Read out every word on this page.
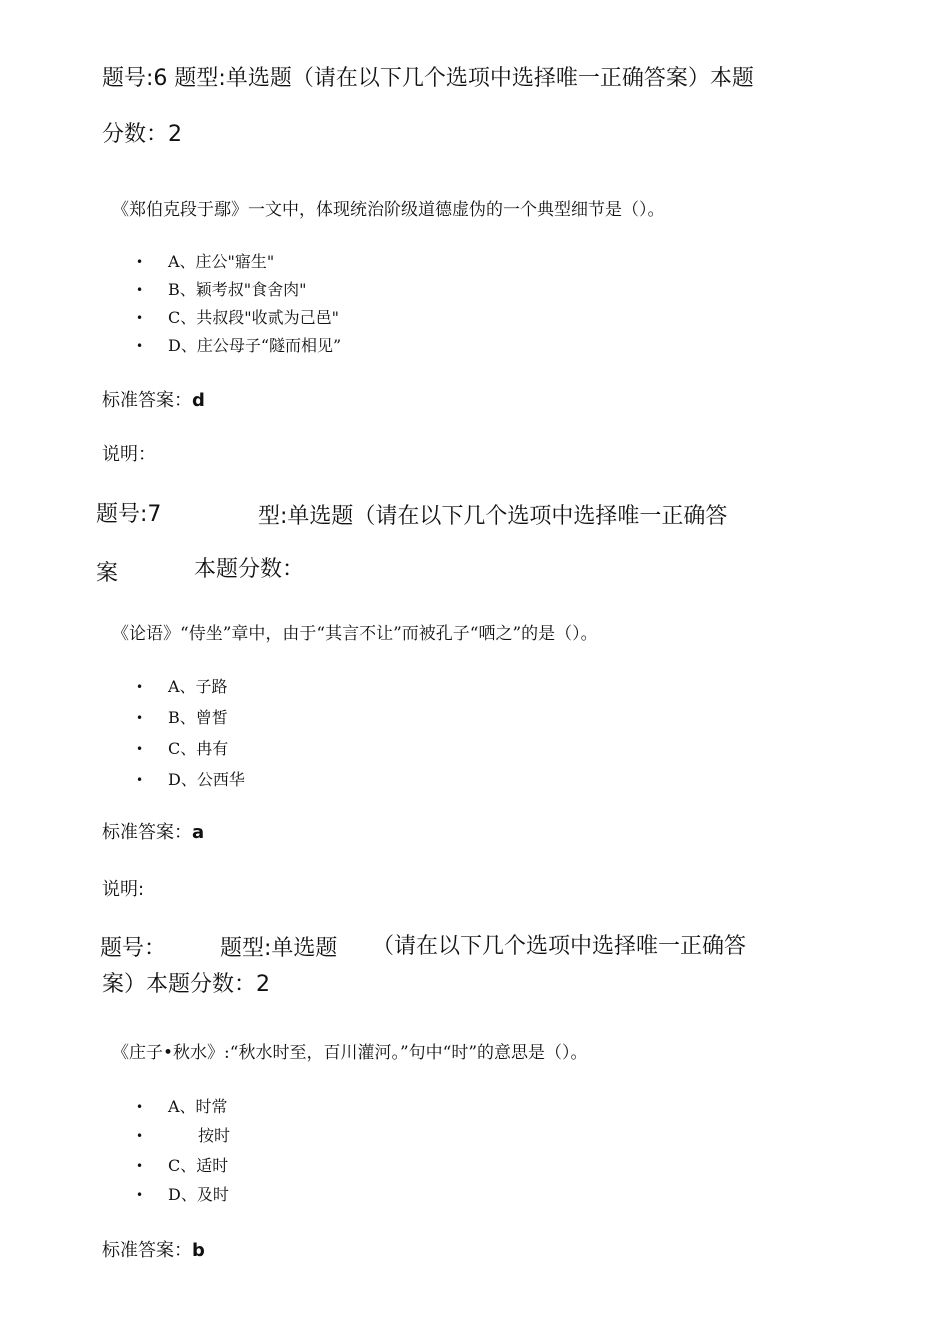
题号:6 题型:单选题（请在以下几个选项中选择唯一正确答案）本题
分数：2
《郑伯克段于鄢》一文中，体现统治阶级道德虚伪的一个典型细节是（）。
• A、庄公"寤生"
• B、颖考叔"食舍肉"
• C、共叔段"收贰为己邑"
• D、庄公母子“隧而相见”
标准答案：d
说明：
题号:7	型:单选题（请在以下几个选项中选择唯一正确答
案	本题分数：
《论语》“侍坐”章中，由于“其言不让”而被孔子“哂之”的是（）。
• A、子路
• B、曾皙
• C、冉有
• D、公西华
标准答案：a
说明:
题号： 题型:单选题 （请在以下几个选项中选择唯一正确答
案）本题分数：2
《庄子•秋水》:“秋水时至，百川灌河。”句中“时”的意思是（）。
• A、时常
•	按时
• C、适时
• D、及时
标准答案：b
